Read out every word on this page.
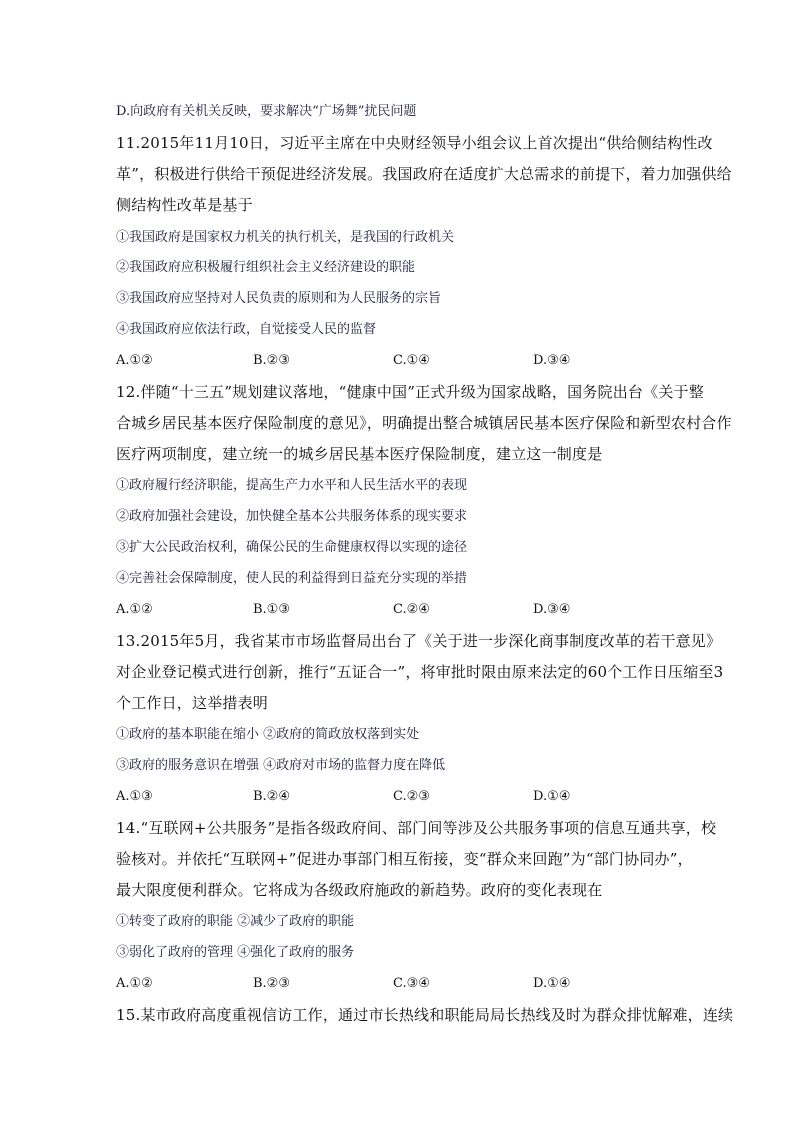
D.向政府有关机关反映，要求解决“广场舞”扰民问题
11.2015年11月10日，习近平主席在中央财经领导小组会议上首次提出“供给侧结构性改
革”，积极进行供给干预促进经济发展。我国政府在适度扩大总需求的前提下，着力加强供给
侧结构性改革是基于
①我国政府是国家权力机关的执行机关，是我国的行政机关
②我国政府应积极履行组织社会主义经济建设的职能
③我国政府应坚持对人民负责的原则和为人民服务的宗旨
④我国政府应依法行政，自觉接受人民的监督
A.①②	B.②③	C.①④	D.③④
12.伴随“十三五”规划建议落地，“健康中国”正式升级为国家战略，国务院出台《关于整
合城乡居民基本医疗保险制度的意见》，明确提出整合城镇居民基本医疗保险和新型农村合作
医疗两项制度，建立统一的城乡居民基本医疗保险制度，建立这一制度是
①政府履行经济职能，提高生产力水平和人民生活水平的表现
②政府加强社会建设，加快健全基本公共服务体系的现实要求
③扩大公民政治权利，确保公民的生命健康权得以实现的途径
④完善社会保障制度，使人民的利益得到日益充分实现的举措
A.①②	B.①③	C.②④	D.③④
13.2015年5月，我省某市市场监督局出台了《关于进一步深化商事制度改革的若干意见》
对企业登记模式进行创新，推行“五证合一”，将审批时限由原来法定的60个工作日压缩至3
个工作日，这举措表明
①政府的基本职能在缩小 ②政府的简政放权落到实处
③政府的服务意识在增强 ④政府对市场的监督力度在降低
A.①③	B.②④	C.②③	D.①④
14.“互联网+公共服务”是指各级政府间、部门间等涉及公共服务事项的信息互通共享，校
验核对。并依托“互联网+”促进办事部门相互衔接，变“群众来回跑”为“部门协同办”，
最大限度便利群众。它将成为各级政府施政的新趋势。政府的变化表现在
①转变了政府的职能 ②减少了政府的职能
③弱化了政府的管理 ④强化了政府的服务
A.①②	B.②③	C.③④	D.①④
15.某市政府高度重视信访工作，通过市长热线和职能局局长热线及时为群众排忧解难，连续
